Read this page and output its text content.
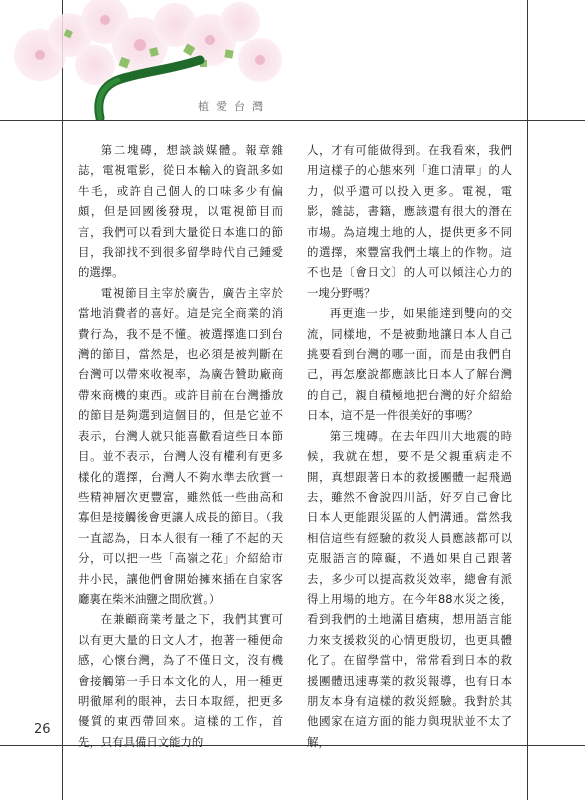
植愛台灣

第二塊磚，想談談媒體。報章雜誌，電視電影，從日本輸入的資訊多如牛毛，或許自己個人的口味多少有偏頗，但是回國後發現，以電視節目而言，我們可以看到大量從日本進口的節目，我卻找不到很多留學時代自己鍾愛的選擇。

電視節目主宰於廣告，廣告主宰於當地消費者的喜好。這是完全商業的消費行為，我不是不懂。被選擇進口到台灣的節目，當然是，也必須是被判斷在台灣可以帶來收視率，為廣告贊助廠商帶來商機的東西。或許目前在台灣播放的節目是夠選到這個目的，但是它並不表示，台灣人就只能喜歡看這些日本節目。並不表示，台灣人沒有權利有更多樣化的選擇，台灣人不夠水準去欣賞一些精神層次更豐富，雖然低一些曲高和寡但是接觸後會更讓人成長的節目。（我一直認為，日本人很有一種了不起的天分，可以把一些「高嶺之花」介紹給市井小民，讓他們會開始擁來插在自家客廳裏在柴米油鹽之間欣賞。）

在兼顧商業考量之下，我們其實可以有更大量的日文人才，抱著一種便命感，心懷台灣，為了不僅日文，沒有機會接觸第一手日本文化的人，用一種更明徹犀利的眼神，去日本取經，把更多優質的東西帶回來。這樣的工作，首先，只有具備日文能力的

人，才有可能做得到。在我看來，我們用這樣子的心態來列「進口清單」的人力，似乎還可以投入更多。電視，電影，雜誌，書籍，應該還有很大的潛在市場。為這塊土地的人，提供更多不同的選擇，來豐富我們土壤上的作物。這不也是〔會日文〕的人可以傾注心力的一塊分野嗎？

再更進一步，如果能達到雙向的交流，同樣地，不是被動地讓日本人自己挑要看到台灣的哪一面，而是由我們自己，再怎麼說都應該比日本人了解台灣的自己，親自積極地把台灣的好介紹給日本，這不是一件很美好的事嗎？

第三塊磚。在去年四川大地震的時候，我就在想，要不是父親重病走不開，真想跟著日本的救援團體一起飛過去，雖然不會說四川話，好歹自己會比日本人更能跟災區的人們溝通。當然我相信這些有經驗的救災人員應該都可以克服語言的障礙，不過如果自己跟著去，多少可以提高救災效率，總會有派得上用場的地方。在今年88水災之後，看到我們的土地滿目瘡痍，想用語言能力來支援救災的心情更殷切，也更具體化了。在留學當中，常常看到日本的救援團體迅速專業的救災報導，也有日本朋友本身有這樣的救災經驗。我對於其他國家在這方面的能力與現狀並不太了解，

26
